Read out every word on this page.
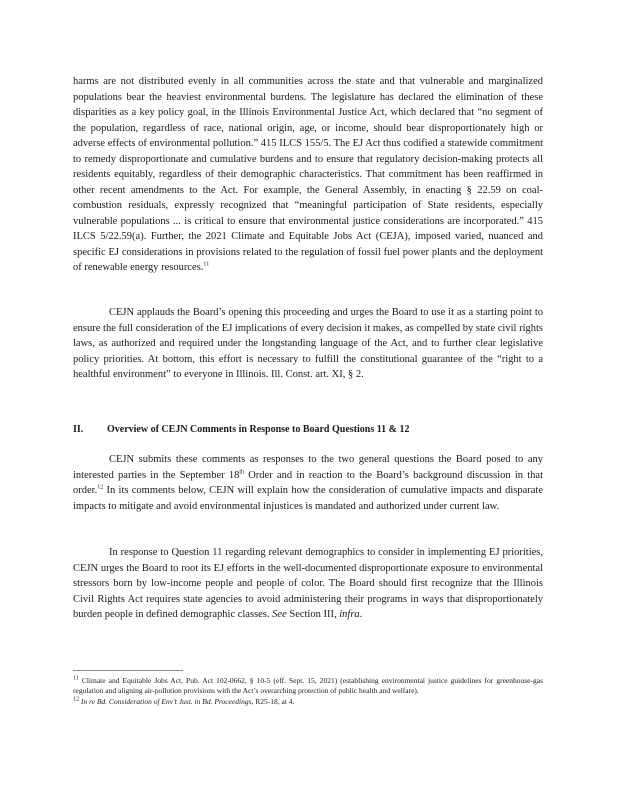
harms are not distributed evenly in all communities across the state and that vulnerable and marginalized populations bear the heaviest environmental burdens. The legislature has declared the elimination of these disparities as a key policy goal, in the Illinois Environmental Justice Act, which declared that “no segment of the population, regardless of race, national origin, age, or income, should bear disproportionately high or adverse effects of environmental pollution.” 415 ILCS 155/5. The EJ Act thus codified a statewide commitment to remedy disproportionate and cumulative burdens and to ensure that regulatory decision-making protects all residents equitably, regardless of their demographic characteristics. That commitment has been reaffirmed in other recent amendments to the Act. For example, the General Assembly, in enacting § 22.59 on coal-combustion residuals, expressly recognized that “meaningful participation of State residents, especially vulnerable populations ... is critical to ensure that environmental justice considerations are incorporated.” 415 ILCS 5/22.59(a). Further, the 2021 Climate and Equitable Jobs Act (CEJA), imposed varied, nuanced and specific EJ considerations in provisions related to the regulation of fossil fuel power plants and the deployment of renewable energy resources.$^{11}$

CEJN applauds the Board’s opening this proceeding and urges the Board to use it as a starting point to ensure the full consideration of the EJ implications of every decision it makes, as compelled by state civil rights laws, as authorized and required under the longstanding language of the Act, and to further clear legislative policy priorities. At bottom, this effort is necessary to fulfill the constitutional guarantee of the “right to a healthful environment” to everyone in Illinois. Ill. Const. art. XI, § 2.

II. Overview of CEJN Comments in Response to Board Questions 11 & 12

CEJN submits these comments as responses to the two general questions the Board posed to any interested parties in the September 18th Order and in reaction to the Board’s background discussion in that order.$^{12}$ In its comments below, CEJN will explain how the consideration of cumulative impacts and disparate impacts to mitigate and avoid environmental injustices is mandated and authorized under current law.

In response to Question 11 regarding relevant demographics to consider in implementing EJ priorities, CEJN urges the Board to root its EJ efforts in the well-documented disproportionate exposure to environmental stressors born by low-income people and people of color. The Board should first recognize that the Illinois Civil Rights Act requires state agencies to avoid administering their programs in ways that disproportionately burden people in defined demographic classes. See Section III, infra.

$^{11}$ Climate and Equitable Jobs Act, Pub. Act 102-0662, § 10-5 (eff. Sept. 15, 2021) (establishing environmental justice guidelines for greenhouse-gas regulation and aligning air-pollution provisions with the Act’s overarching protection of public health and welfare).

$^{12}$ In re Bd. Consideration of Env’t Just. in Bd. Proceedings, R25-18, at 4.
